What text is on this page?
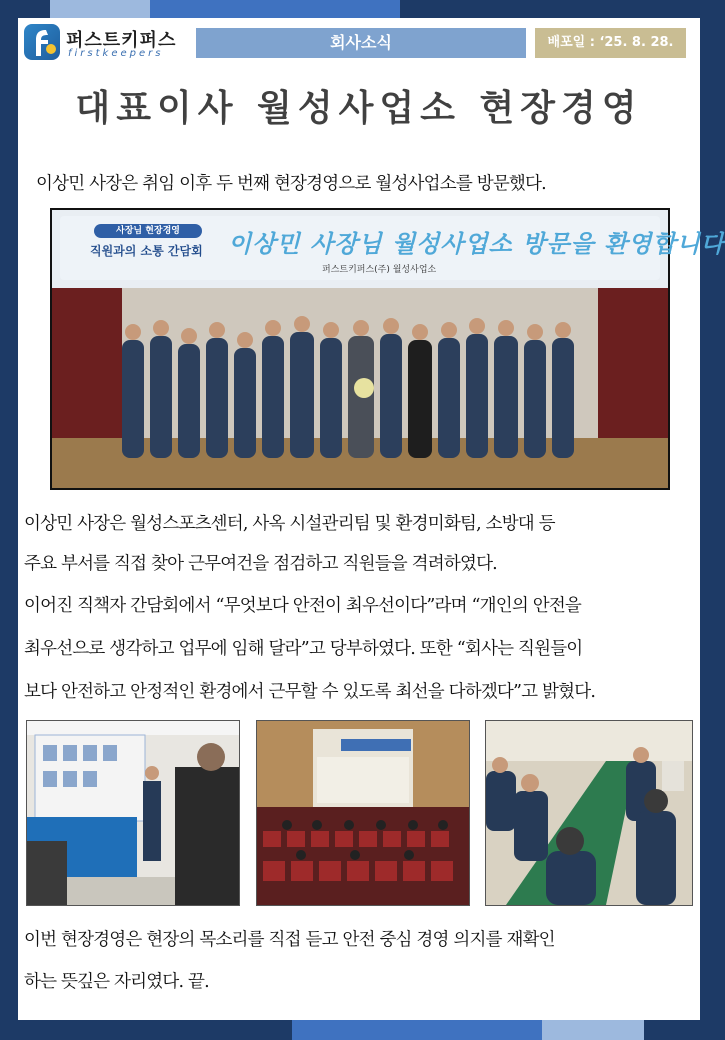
퍼스트키퍼스
firstkeepers
회사소식	배포일 : ‘25. 8. 28.
대표이사 월성사업소 현장경영
이상민 사장은 취임 이후 두 번째 현장경영으로 월성사업소를 방문했다.
사장님 현장경영
직원과의 소통 간담회 이상민 사장님 월성사업소 방문을 환영합니다
퍼스트키퍼스(주) 월성사업소
이상민 사장은 월성스포츠센터, 사옥 시설관리팀 및 환경미화팀, 소방대 등
주요 부서를 직접 찾아 근무여건을 점검하고 직원들을 격려하였다.
이어진 직책자 간담회에서 “무엇보다 안전이 최우선이다”라며 “개인의 안전을
최우선으로 생각하고 업무에 임해 달라”고 당부하였다. 또한 “회사는 직원들이
보다 안전하고 안정적인 환경에서 근무할 수 있도록 최선을 다하겠다”고 밝혔다.
이번 현장경영은 현장의 목소리를 직접 듣고 안전 중심 경영 의지를 재확인
하는 뜻깊은 자리였다. 끝.
